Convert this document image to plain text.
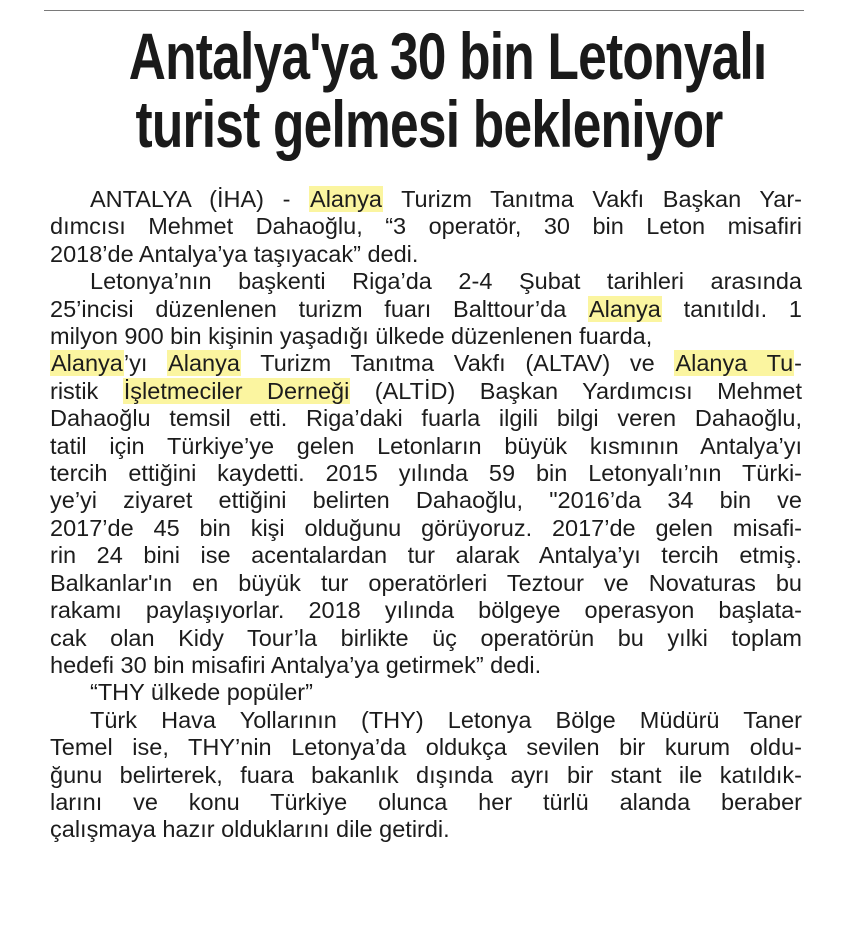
Antalya'ya 30 bin Letonyalı
turist gelmesi bekleniyor
ANTALYA (İHA) - Alanya Turizm Tanıtma Vakfı Başkan Yar-
dımcısı Mehmet Dahaoğlu, “3 operatör, 30 bin Leton misafiri
2018’de Antalya’ya taşıyacak” dedi.
Letonya’nın başkenti Riga’da 2-4 Şubat tarihleri arasında
25’incisi düzenlenen turizm fuarı Balttour’da Alanya tanıtıldı. 1
milyon 900 bin kişinin yaşadığı ülkede düzenlenen fuarda,
Alanya’yı Alanya Turizm Tanıtma Vakfı (ALTAV) ve Alanya Tu-
ristik İşletmeciler Derneği (ALTİD) Başkan Yardımcısı Mehmet
Dahaoğlu temsil etti. Riga’daki fuarla ilgili bilgi veren Dahaoğlu,
tatil için Türkiye’ye gelen Letonların büyük kısmının Antalya’yı
tercih ettiğini kaydetti. 2015 yılında 59 bin Letonyalı’nın Türki-
ye’yi ziyaret ettiğini belirten Dahaoğlu, "2016’da 34 bin ve
2017’de 45 bin kişi olduğunu görüyoruz. 2017’de gelen misafi-
rin 24 bini ise acentalardan tur alarak Antalya’yı tercih etmiş.
Balkanlar'ın en büyük tur operatörleri Teztour ve Novaturas bu
rakamı paylaşıyorlar. 2018 yılında bölgeye operasyon başlata-
cak olan Kidy Tour’la birlikte üç operatörün bu yılki toplam
hedefi 30 bin misafiri Antalya’ya getirmek” dedi.
“THY ülkede popüler”
Türk Hava Yollarının (THY) Letonya Bölge Müdürü Taner
Temel ise, THY’nin Letonya’da oldukça sevilen bir kurum oldu-
ğunu belirterek, fuara bakanlık dışında ayrı bir stant ile katıldık-
larını ve konu Türkiye olunca her türlü alanda beraber
çalışmaya hazır olduklarını dile getirdi.
